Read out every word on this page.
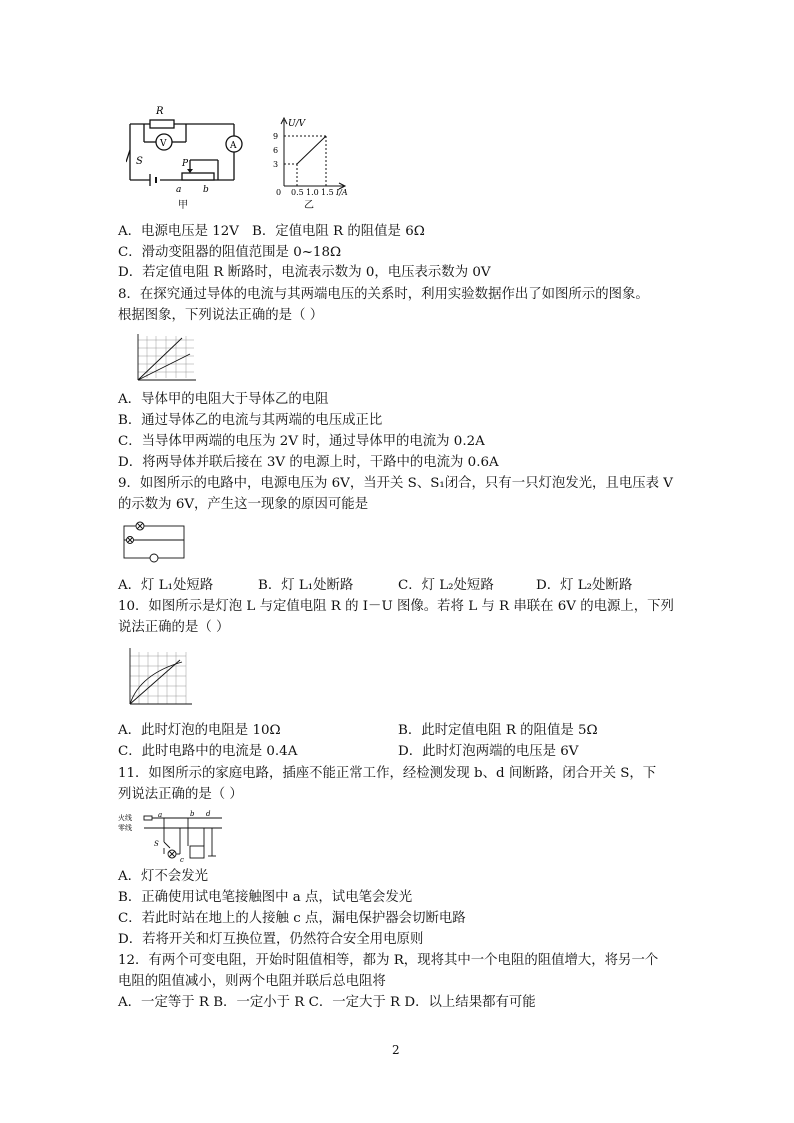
R
V	A
S	P
a b
甲
U/V
9
6
3
0 0.5 1.0 1.5 I/A
乙
A．电源电压是 12V B．定值电阻 R 的阻值是 6Ω
C．滑动变阻器的阻值范围是 0~18Ω
D．若定值电阻 R 断路时，电流表示数为 0，电压表示数为 0V
8．在探究通过导体的电流与其两端电压的关系时，利用实验数据作出了如图所示的图象。
根据图象，下列说法正确的是（ ）
A．导体甲的电阻大于导体乙的电阻
B．通过导体乙的电流与其两端的电压成正比
C．当导体甲两端的电压为 2V 时，通过导体甲的电流为 0.2A
D．将两导体并联后接在 3V 的电源上时，干路中的电流为 0.6A
9．如图所示的电路中，电源电压为 6V，当开关 S、S₁闭合，只有一只灯泡发光，且电压表 V
的示数为 6V，产生这一现象的原因可能是
A．灯 L₁处短路	B．灯 L₁处断路	C．灯 L₂处短路	D．灯 L₂处断路
10．如图所示是灯泡 L 与定值电阻 R 的 I－U 图像。若将 L 与 R 串联在 6V 的电源上，下列
说法正确的是（ ）
A．此时灯泡的电阻是 10Ω	B．此时定值电阻 R 的阻值是 5Ω
C．此时电路中的电流是 0.4A	D．此时灯泡两端的电压是 6V
11．如图所示的家庭电路，插座不能正常工作，经检测发现 b、d 间断路，闭合开关 S，下
列说法正确的是（ ）
火线
零线
a	b d
S
c
A．灯不会发光
B．正确使用试电笔接触图中 a 点，试电笔会发光
C．若此时站在地上的人接触 c 点，漏电保护器会切断电路
D．若将开关和灯互换位置，仍然符合安全用电原则
12．有两个可变电阻，开始时阻值相等，都为 R，现将其中一个电阻的阻值增大，将另一个
电阻的阻值减小，则两个电阻并联后总电阻将
A．一定等于 R B．一定小于 R C．一定大于 R D．以上结果都有可能
2
